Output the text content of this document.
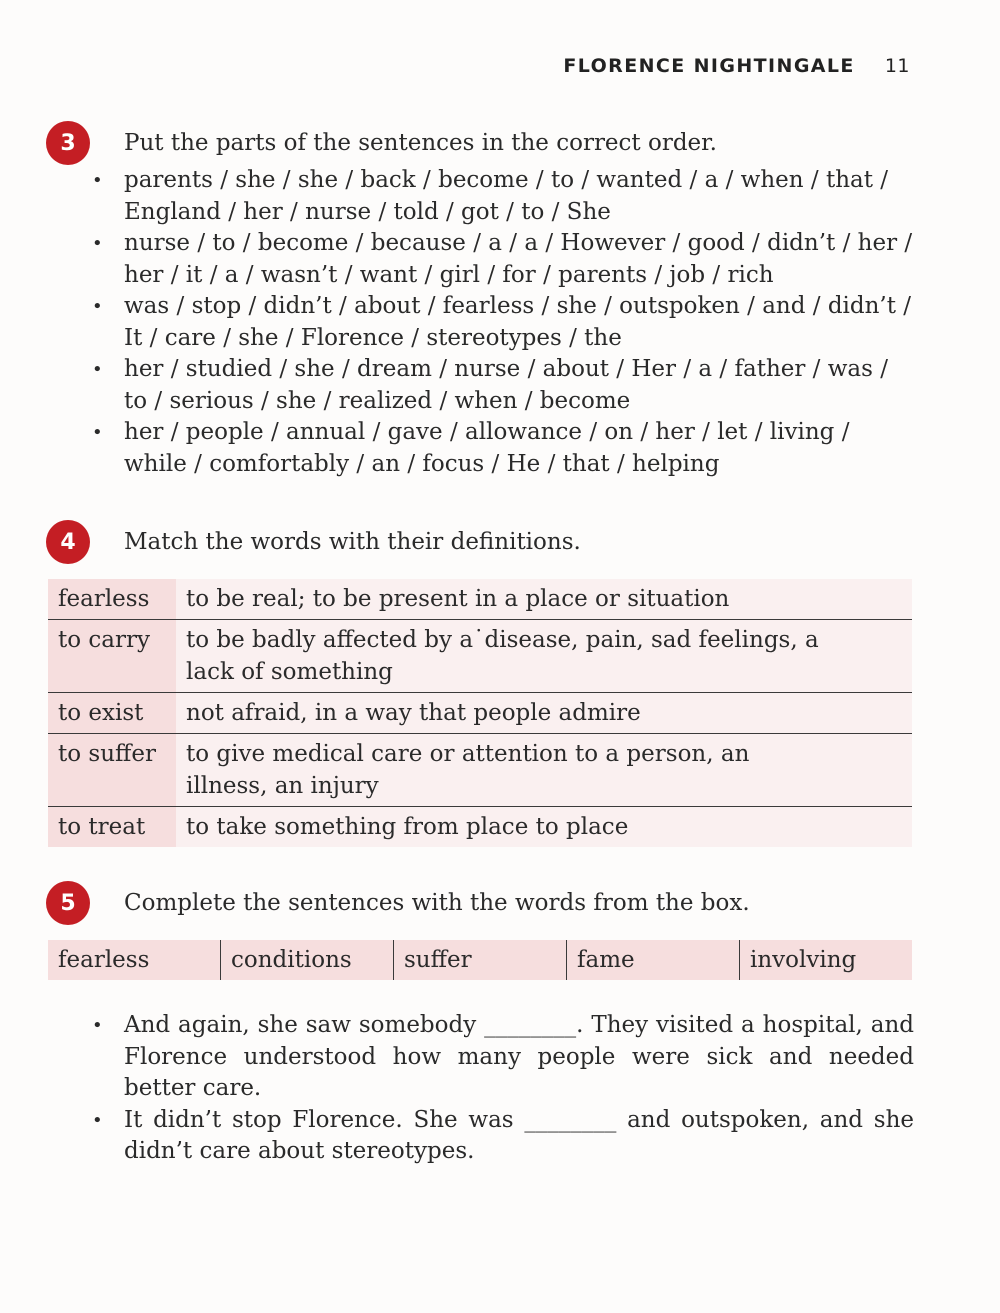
FLORENCE NIGHTINGALE 11
3	Put the parts of the sentences in the correct order.
• parents / she / she / back / become / to / wanted / a / when / that / England / her / nurse / told / got / to / She
• nurse / to / become / because / a / a / However / good / didn’t / her / her / it / a / wasn’t / want / girl / for / parents / job / rich
• was / stop / didn’t / about / fearless / she / outspoken / and / didn’t / It / care / she / Florence / stereotypes / the
• her / studied / she / dream / nurse / about / Her / a / father / was / to / serious / she / realized / when / become
• her / people / annual / gave / allowance / on / her / let / living / while / comfortably / an / focus / He / that / helping
4	Match the words with their definitions.
fearless	to be real; to be present in a place or situation
to carry	to be badly affected by a˙disease, pain, sad feelings, a lack of something
to exist	not afraid, in a way that people admire
to suffer	to give medical care or attention to a person, an illness, an injury
to treat	to take something from place to place
5	Complete the sentences with the words from the box.
fearless	conditions	suffer	fame	involving
• And again, she saw somebody ________. They visited a hospital, and Florence understood how many people were sick and needed better care.
• It didn’t stop Florence. She was ________ and outspoken, and she didn’t care about stereotypes.
